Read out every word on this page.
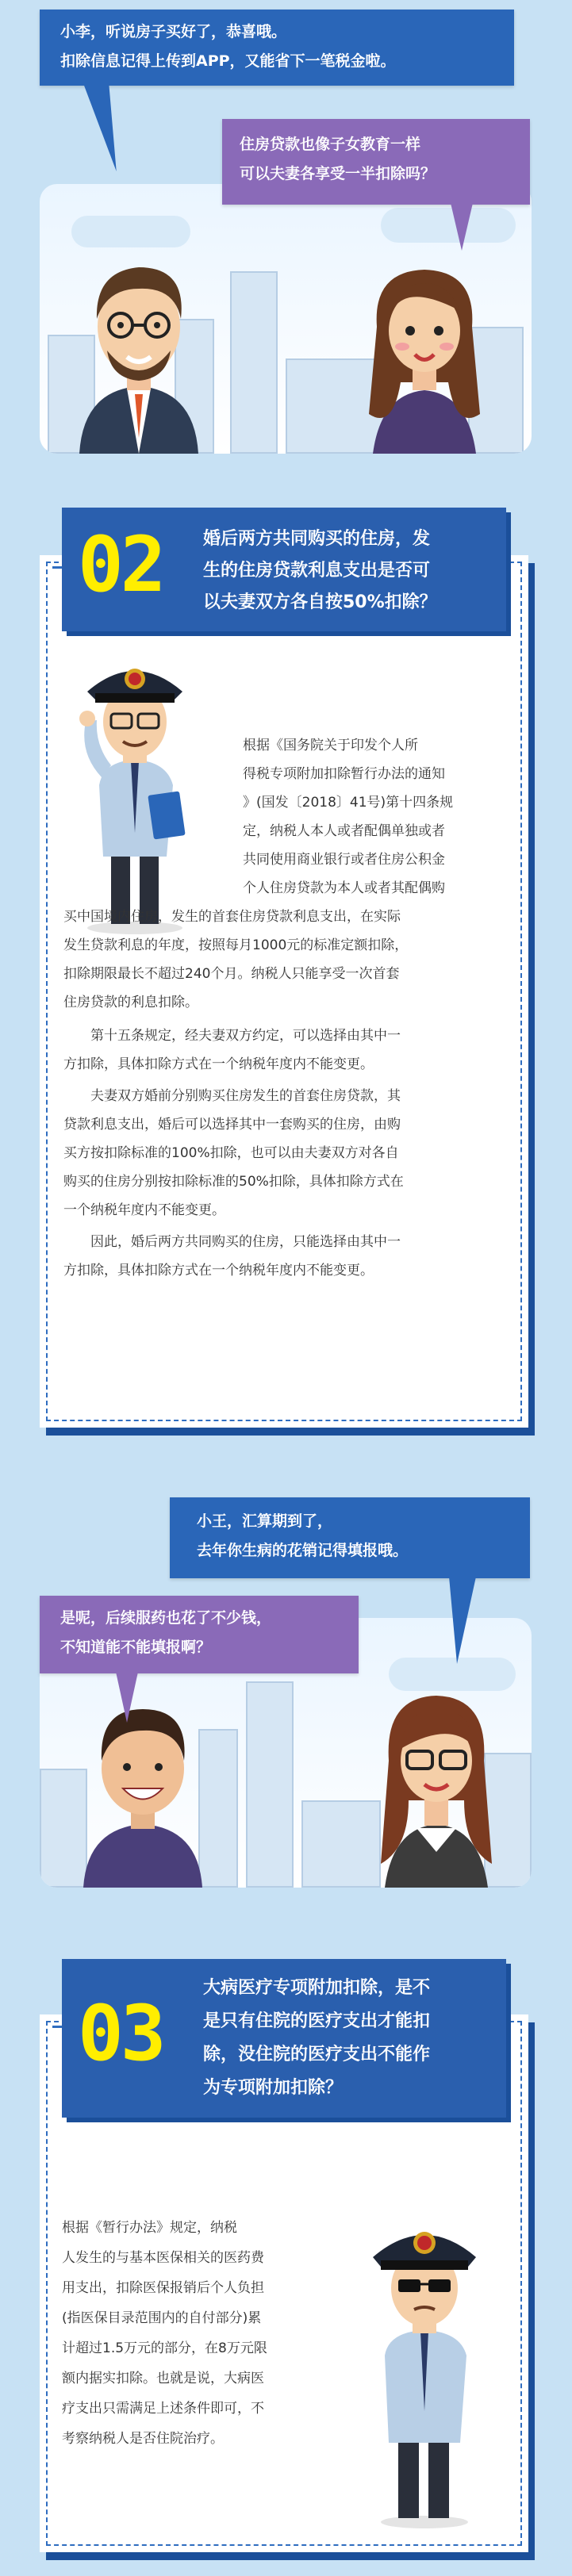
小李，听说房子买好了，恭喜哦。
扣除信息记得上传到APP，又能省下一笔税金啦。
住房贷款也像子女教育一样
可以夫妻各享受一半扣除吗？
02 婚后两方共同购买的住房，发
生的住房贷款利息支出是否可
以夫妻双方各自按50%扣除？
根据《国务院关于印发个人所
得税专项附加扣除暂行办法的通知
》(国发〔2018〕41号)第十四条规
定，纳税人本人或者配偶单独或者
共同使用商业银行或者住房公积金
个人住房贷款为本人或者其配偶购
买中国境内住房，发生的首套住房贷款利息支出，在实际
发生贷款利息的年度，按照每月1000元的标准定额扣除，
扣除期限最长不超过240个月。纳税人只能享受一次首套
住房贷款的利息扣除。
　　第十五条规定，经夫妻双方约定，可以选择由其中一
方扣除，具体扣除方式在一个纳税年度内不能变更。
　　夫妻双方婚前分别购买住房发生的首套住房贷款，其
贷款利息支出，婚后可以选择其中一套购买的住房，由购
买方按扣除标准的100%扣除，也可以由夫妻双方对各自
购买的住房分别按扣除标准的50%扣除，具体扣除方式在
一个纳税年度内不能变更。
　　因此，婚后两方共同购买的住房，只能选择由其中一
方扣除，具体扣除方式在一个纳税年度内不能变更。
小王，汇算期到了，
去年你生病的花销记得填报哦。
是呢，后续服药也花了不少钱，
不知道能不能填报啊？
03
大病医疗专项附加扣除，是不
是只有住院的医疗支出才能扣
除，没住院的医疗支出不能作
为专项附加扣除？
根据《暂行办法》规定，纳税
人发生的与基本医保相关的医药费
用支出，扣除医保报销后个人负担
(指医保目录范围内的自付部分)累
计超过1.5万元的部分，在8万元限
额内据实扣除。也就是说，大病医
疗支出只需满足上述条件即可，不
考察纳税人是否住院治疗。
